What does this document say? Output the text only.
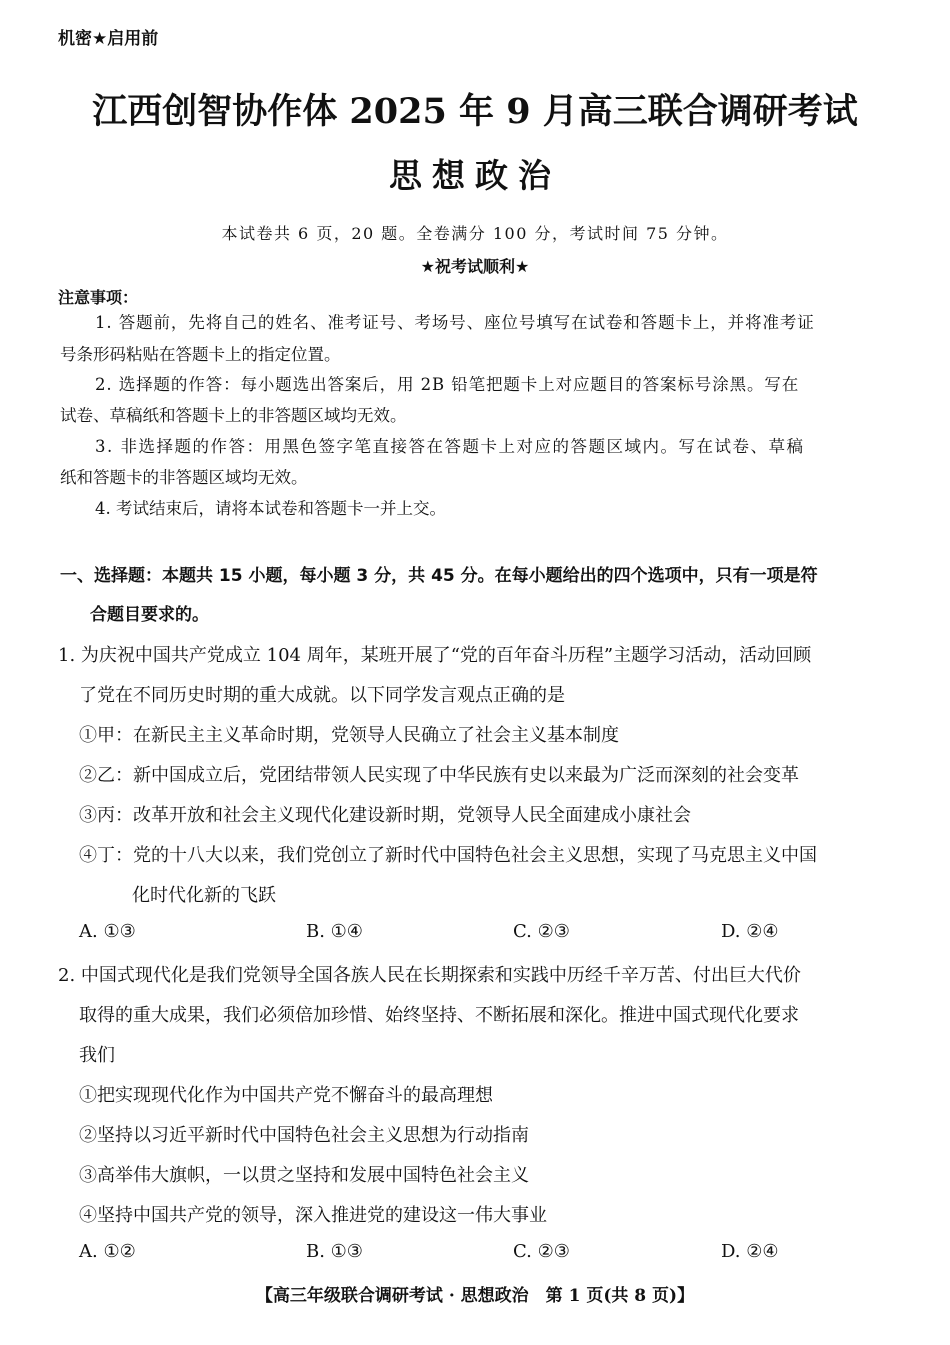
机密★启用前
江西创智协作体 2025 年 9 月高三联合调研考试
思想政治
本试卷共 6 页，20 题。全卷满分 100 分，考试时间 75 分钟。
★祝考试顺利★
注意事项：
1. 答题前，先将自己的姓名、准考证号、考场号、座位号填写在试卷和答题卡上，并将准考证
号条形码粘贴在答题卡上的指定位置。
2. 选择题的作答：每小题选出答案后，用 2B 铅笔把题卡上对应题目的答案标号涂黑。写在
试卷、草稿纸和答题卡上的非答题区域均无效。
3. 非选择题的作答：用黑色签字笔直接答在答题卡上对应的答题区域内。写在试卷、草稿
纸和答题卡的非答题区域均无效。
4. 考试结束后，请将本试卷和答题卡一并上交。
一、选择题：本题共 15 小题，每小题 3 分，共 45 分。在每小题给出的四个选项中，只有一项是符
合题目要求的。
1. 为庆祝中国共产党成立 104 周年，某班开展了“党的百年奋斗历程”主题学习活动，活动回顾
了党在不同历史时期的重大成就。以下同学发言观点正确的是
①甲：在新民主主义革命时期，党领导人民确立了社会主义基本制度
②乙：新中国成立后，党团结带领人民实现了中华民族有史以来最为广泛而深刻的社会变革
③丙：改革开放和社会主义现代化建设新时期，党领导人民全面建成小康社会
④丁：党的十八大以来，我们党创立了新时代中国特色社会主义思想，实现了马克思主义中国
化时代化新的飞跃
A. ①③	B. ①④	C. ②③	D. ②④
2. 中国式现代化是我们党领导全国各族人民在长期探索和实践中历经千辛万苦、付出巨大代价
取得的重大成果，我们必须倍加珍惜、始终坚持、不断拓展和深化。推进中国式现代化要求
我们
①把实现现代化作为中国共产党不懈奋斗的最高理想
②坚持以习近平新时代中国特色社会主义思想为行动指南
③高举伟大旗帜，一以贯之坚持和发展中国特色社会主义
④坚持中国共产党的领导，深入推进党的建设这一伟大事业
A. ①②	B. ①③	C. ②③	D. ②④
【高三年级联合调研考试 · 思想政治　第 1 页(共 8 页)】
